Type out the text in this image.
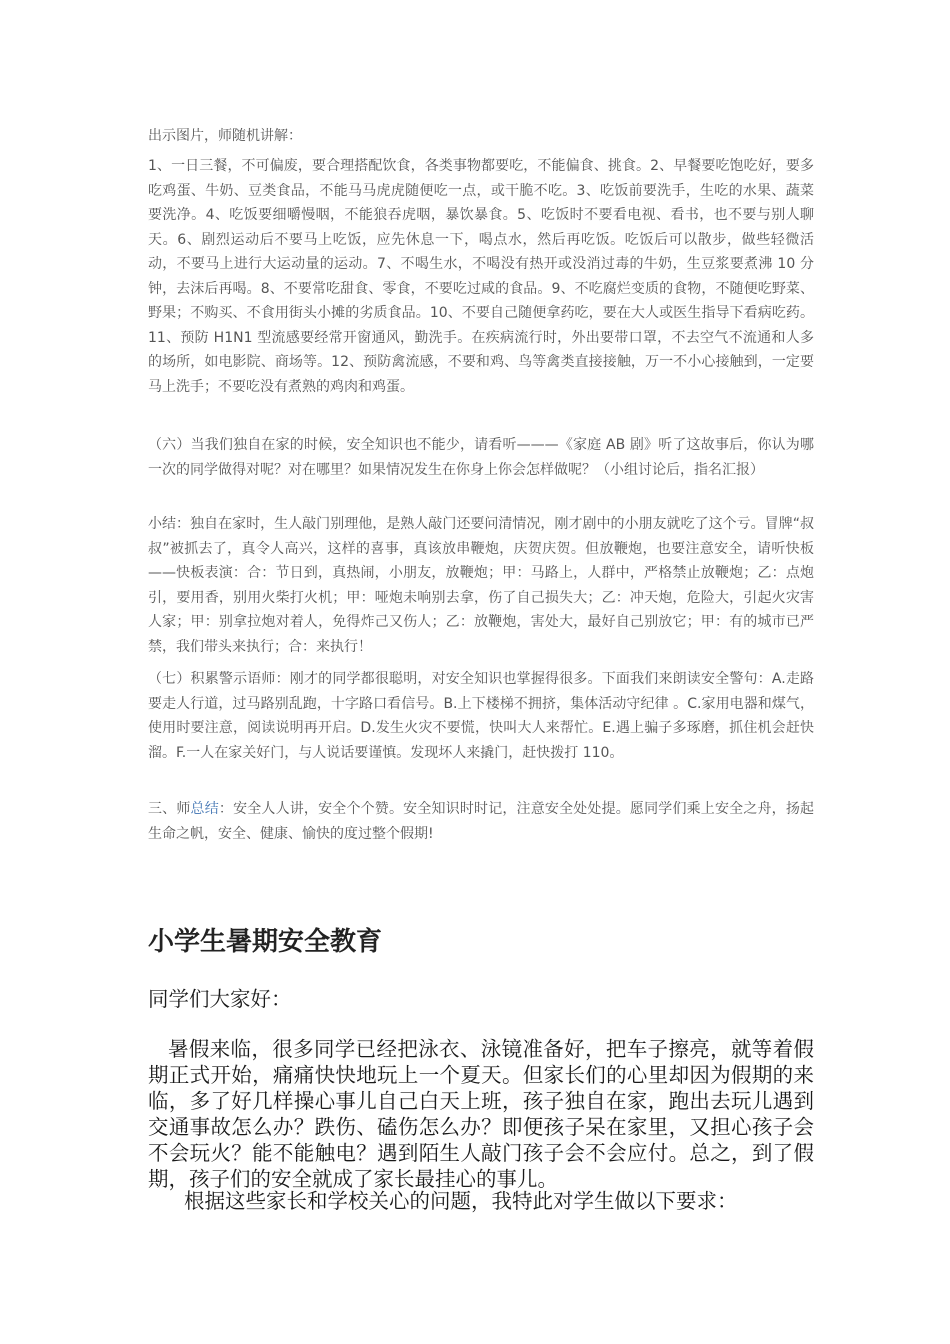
出示图片，师随机讲解：

1、一日三餐，不可偏废，要合理搭配饮食，各类事物都要吃，不能偏食、挑食。2、早餐要吃饱吃好，要多吃鸡蛋、牛奶、豆类食品，不能马马虎虎随便吃一点，或干脆不吃。3、吃饭前要洗手，生吃的水果、蔬菜要洗净。4、吃饭要细嚼慢咽，不能狼吞虎咽，暴饮暴食。5、吃饭时不要看电视、看书，也不要与别人聊天。6、剧烈运动后不要马上吃饭，应先休息一下，喝点水，然后再吃饭。吃饭后可以散步，做些轻微活动，不要马上进行大运动量的运动。7、不喝生水，不喝没有热开或没消过毒的牛奶，生豆浆要煮沸 10 分钟，去沫后再喝。8、不要常吃甜食、零食，不要吃过咸的食品。9、不吃腐烂变质的食物，不随便吃野菜、野果；不购买、不食用街头小摊的劣质食品。10、不要自己随便拿药吃，要在大人或医生指导下看病吃药。11、预防 H1N1 型流感要经常开窗通风，勤洗手。在疾病流行时，外出要带口罩，不去空气不流通和人多的场所，如电影院、商场等。12、预防禽流感，不要和鸡、鸟等禽类直接接触，万一不小心接触到，一定要马上洗手；不要吃没有煮熟的鸡肉和鸡蛋。

（六）当我们独自在家的时候，安全知识也不能少，请看听———《家庭 AB 剧》听了这故事后，你认为哪一次的同学做得对呢？对在哪里？如果情况发生在你身上你会怎样做呢？（小组讨论后，指名汇报）

小结：独自在家时，生人敲门别理他，是熟人敲门还要问清情况，刚才剧中的小朋友就吃了这个亏。冒牌“叔叔”被抓去了，真令人高兴，这样的喜事，真该放串鞭炮，庆贺庆贺。但放鞭炮，也要注意安全，请听快板——快板表演：合：节日到，真热闹，小朋友，放鞭炮；甲：马路上，人群中，严格禁止放鞭炮；乙：点炮引，要用香，别用火柴打火机；甲：哑炮未响别去拿，伤了自己损失大；乙：冲天炮，危险大，引起火灾害人家；甲：别拿拉炮对着人，免得炸己又伤人；乙：放鞭炮，害处大，最好自己别放它；甲：有的城市已严禁，我们带头来执行；合：来执行！

（七）积累警示语师：刚才的同学都很聪明，对安全知识也掌握得很多。下面我们来朗读安全警句：A.走路要走人行道，过马路别乱跑，十字路口看信号。B.上下楼梯不拥挤，集体活动守纪律 。C.家用电器和煤气，使用时要注意，阅读说明再开启。D.发生火灾不要慌，快叫大人来帮忙。E.遇上骗子多琢磨，抓住机会赶快溜。F.一人在家关好门，与人说话要谨慎。发现坏人来撬门，赶快拨打 110。

三、师总结：安全人人讲，安全个个赞。安全知识时时记，注意安全处处提。愿同学们乘上安全之舟，扬起生命之帆，安全、健康、愉快的度过整个假期!

小学生暑期安全教育

同学们大家好：

暑假来临，很多同学已经把泳衣、泳镜准备好，把车子擦亮，就等着假期正式开始，痛痛快快地玩上一个夏天。但家长们的心里却因为假期的来临，多了好几样操心事儿自己白天上班，孩子独自在家，跑出去玩儿遇到交通事故怎么办？跌伤、磕伤怎么办？即便孩子呆在家里，又担心孩子会不会玩火？能不能触电？遇到陌生人敲门孩子会不会应付。总之，到了假期，孩子们的安全就成了家长最挂心的事儿。

根据这些家长和学校关心的问题，我特此对学生做以下要求：
